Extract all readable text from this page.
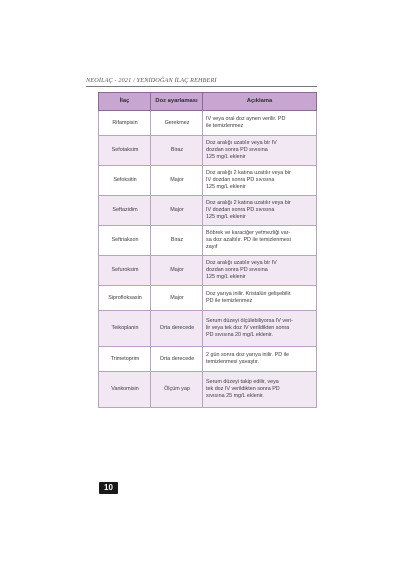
NEOİLAÇ - 2021 / YENİDOĞAN İLAÇ REHBERİ
İlaç	Doz ayarlaması	Açıklama
Rifampisin	Gerekmez	IV veya oral doz aynen verilir. PD
ile temizlenmez

Sefotaksim	Biraz	Doz aralığı uzatılır veya bir IV
dozdan sonra PD sıvısına
125 mg/L eklenir

Sefoksitin	Major	Doz aralığı 2 katına uzatılır veya bir
IV dozdan sonra PD sıvısına
125 mg/L eklenir

Seftazidim	Major	Doz aralığı 2 katına uzatılır veya bir
IV dozdan sonra PD sıvısına
125 mg/L eklenir

Seftriakson	Biraz	Böbrek ve karaciğer yetmezliği var-
sa doz azaltılır. PD ile temizlenmesi
zayıf

Sefuroksim	Major	Doz aralığı uzatılır veya bir IV
dozdan sonra PD sıvısına
125 mg/L eklenir

Siprofloksasin	Major	Doz yarıya inilir. Kristalüri gelişebilir.
PD ile temizlenmez

Teikoplanin	Orta derecede	Serum düzeyi ölçülebiliyorsa IV veri-
lir veya tek doz IV verildikten sonra
PD sıvısına 20 mg/L eklenir.

Trimetoprim	Orta derecede	2 gün sonra doz yarıya inilir. PD ile
temizlenmesi yavaştır.

Vankomisin	Ölçüm yap	Serum düzeyi takip edilir, veya
tek doz IV verildikten sonra PD
sıvısına 25 mg/L eklenir.
10
